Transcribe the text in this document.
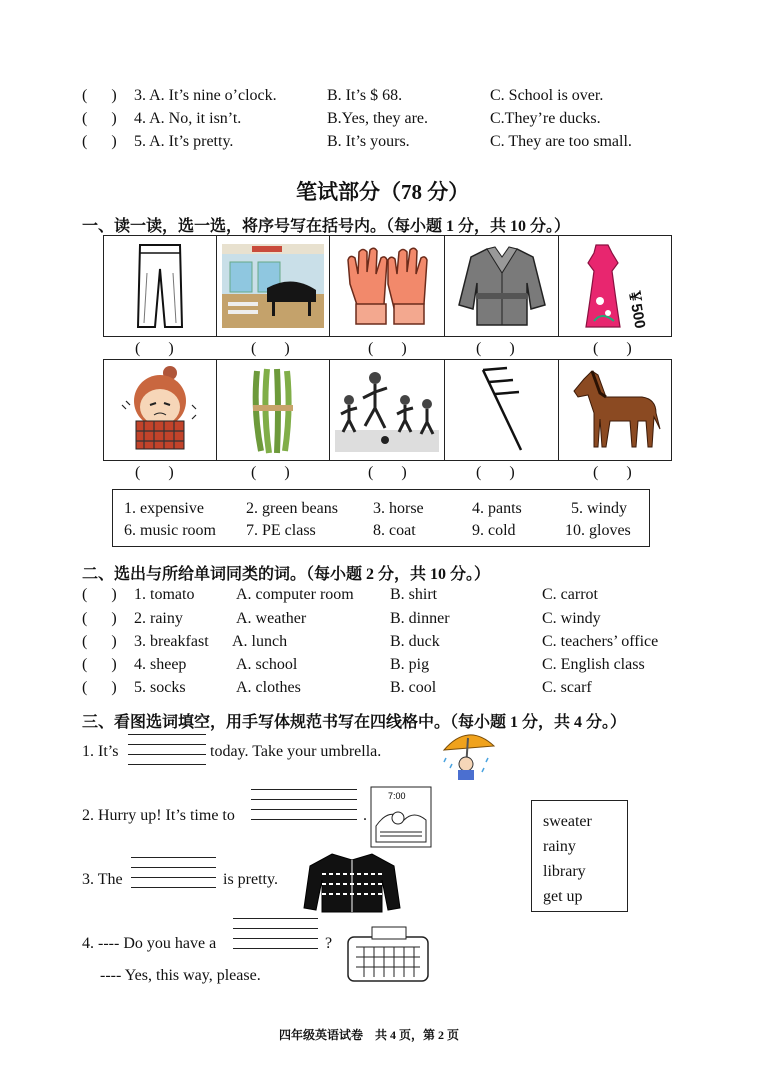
(      ) 3. A. It’s nine o’clock.	B. It’s $ 68.	C. School is over.
(      ) 4. A. No, it isn’t.	B.Yes, they are.	C.They’re ducks.
(      ) 5. A. It’s pretty.	B. It’s yours.	C. They are too small.
笔试部分（78 分）
一、读一读，选一选，将序号写在括号内。（每小题 1 分，共 10 分。）
￥500
(       )	(       )	(       )	(       )	(       )
(       )	(       )	(       )	(       )	(       )
1. expensive	2. green beans 3. horse	4. pants	5. windy
6. music room 7. PE class	8. coat	9. cold	10. gloves
二、选出与所给单词同类的词。（每小题 2 分，共 10 分。）
(      ) 1. tomato	A. computer room B. shirt	C. carrot
(      ) 2. rainy	A. weather	B. dinner	C. windy
(      ) 3. breakfast A. lunch	B. duck	C. teachers’ office
(      ) 4. sheep	A. school	B. pig	C. English class
(      ) 5. socks	A. clothes	B. cool	C. scarf
三、看图选词填空，用手写体规范书写在四线格中。（每小题 1 分，共 4 分。）
1. It’s	today. Take your umbrella.
2. Hurry up! It’s time to	.
7:00
3. The	is pretty.
sweater
rainy
library
get up
4. ---- Do you have a	?
---- Yes, this way, please.
四年级英语试卷　共 4 页，第 2 页
